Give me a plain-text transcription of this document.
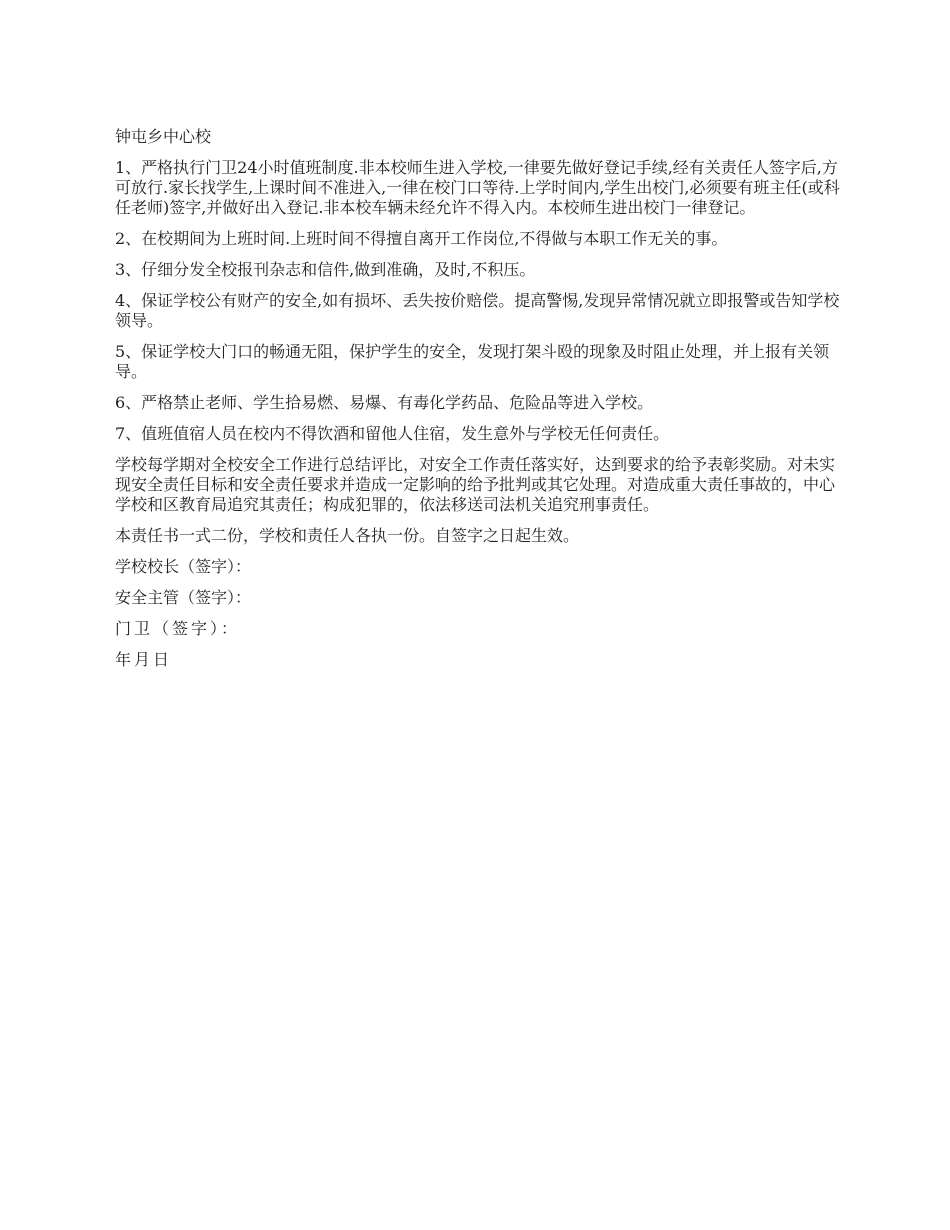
钟屯乡中心校

1、严格执行门卫24小时值班制度.非本校师生进入学校,一律要先做好登记手续,经有关责任人签字后,方可放行.家长找学生,上课时间不准进入,一律在校门口等待.上学时间内,学生出校门,必须要有班主任(或科任老师)签字,并做好出入登记.非本校车辆未经允许不得入内。本校师生进出校门一律登记。

2、在校期间为上班时间.上班时间不得擅自离开工作岗位,不得做与本职工作无关的事。

3、仔细分发全校报刊杂志和信件,做到准确，及时,不积压。

4、保证学校公有财产的安全,如有损坏、丢失按价赔偿。提高警惕,发现异常情况就立即报警或告知学校领导。

5、保证学校大门口的畅通无阻，保护学生的安全，发现打架斗殴的现象及时阻止处理，并上报有关领导。

6、严格禁止老师、学生拾易燃、易爆、有毒化学药品、危险品等进入学校。

7、值班值宿人员在校内不得饮酒和留他人住宿，发生意外与学校无任何责任。

学校每学期对全校安全工作进行总结评比，对安全工作责任落实好，达到要求的给予表彰奖励。对未实现安全责任目标和安全责任要求并造成一定影响的给予批判或其它处理。对造成重大责任事故的，中心学校和区教育局追究其责任；构成犯罪的，依法移送司法机关追究刑事责任。

本责任书一式二份，学校和责任人各执一份。自签字之日起生效。

学校校长（签字）：

安全主管（签字）：

门卫（签字）：

年月日
